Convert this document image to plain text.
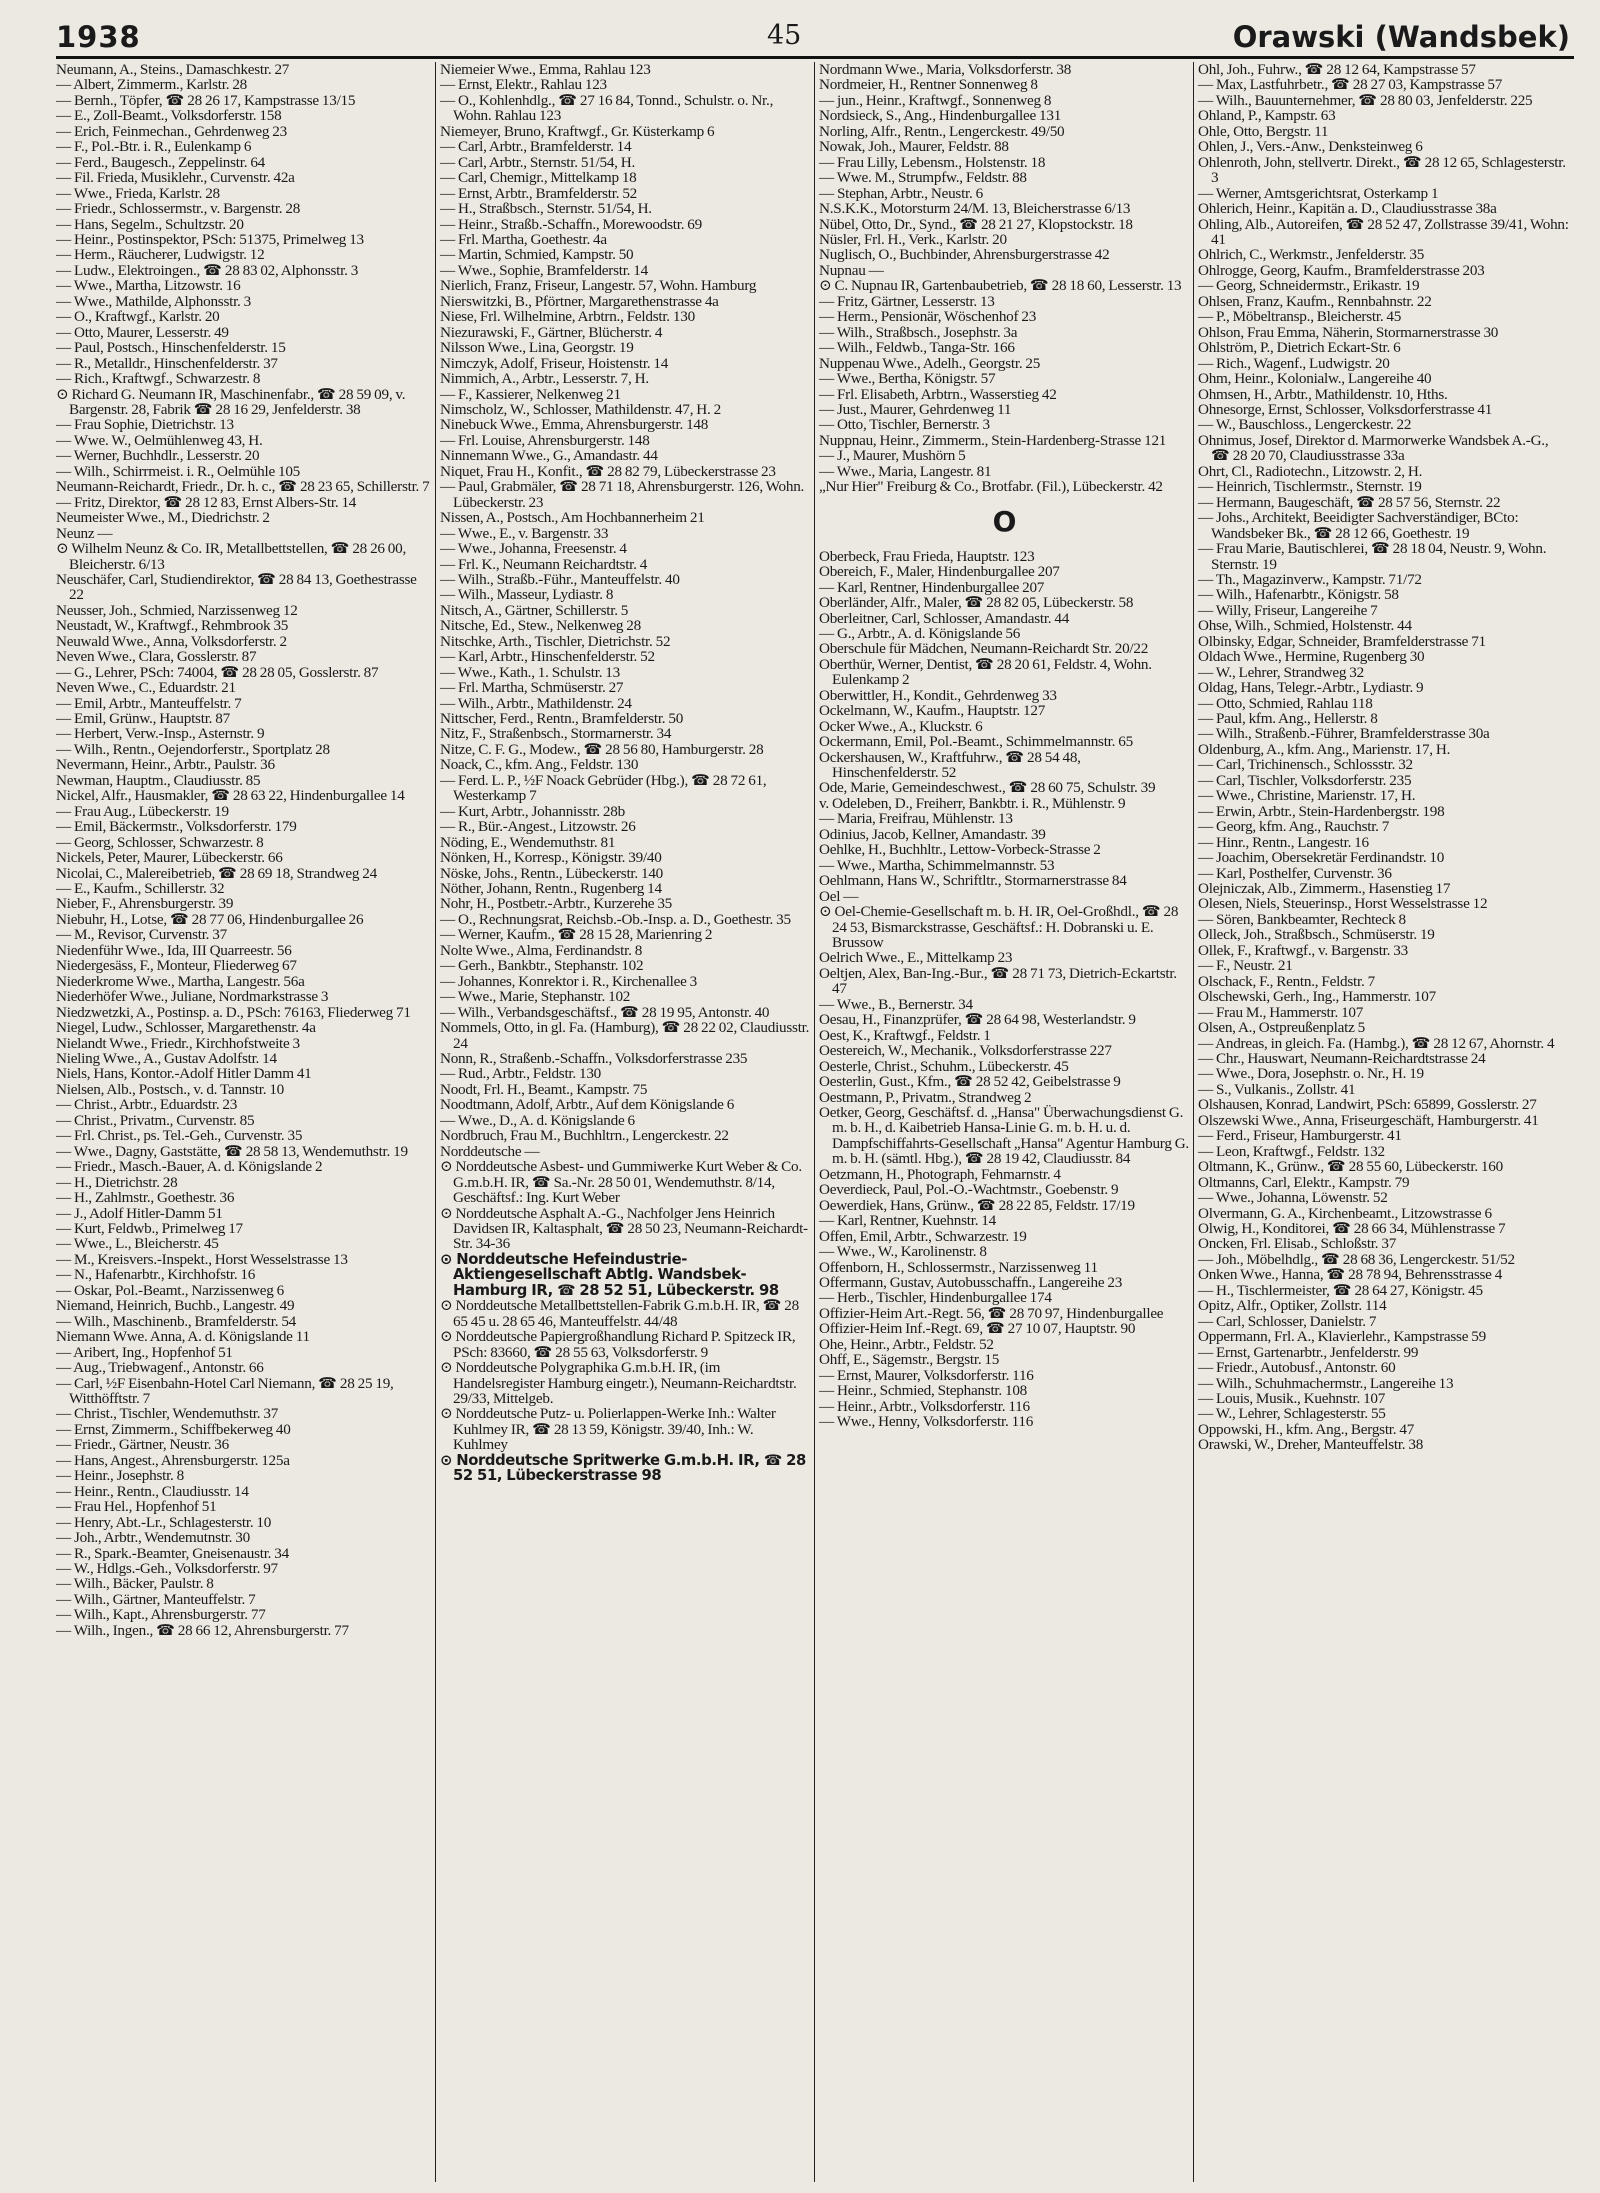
1938	45	Orawski (Wandsbek)
Neumann, A., Steins., Damaschkestr. 27
— Albert, Zimmerm., Karlstr. 28
— Bernh., Töpfer, ☎ 28 26 17, Kampstrasse 13/15
— E., Zoll-Beamt., Volksdorferstr. 158
— Erich, Feinmechan., Gehrdenweg 23
— F., Pol.-Btr. i. R., Eulenkamp 6
— Ferd., Baugesch., Zeppelinstr. 64
— Fil. Frieda, Musiklehr., Curvenstr. 42a
— Wwe., Frieda, Karlstr. 28
— Friedr., Schlossermstr., v. Bargenstr. 28
— Hans, Segelm., Schultzstr. 20
— Heinr., Postinspektor, PSch: 51375, Primelweg 13
— Herm., Räucherer, Ludwigstr. 12
— Ludw., Elektroingen., ☎ 28 83 02, Alphonsstr. 3
— Wwe., Martha, Litzowstr. 16
— Wwe., Mathilde, Alphonsstr. 3
— O., Kraftwgf., Karlstr. 20
— Otto, Maurer, Lesserstr. 49
— Paul, Postsch., Hinschenfelderstr. 15
— R., Metalldr., Hinschenfelderstr. 37
— Rich., Kraftwgf., Schwarzestr. 8
⊙ Richard G. Neumann IR, Maschinenfabr., ☎ 28 59 09, v. Bargenstr. 28, Fabrik ☎ 28 16 29, Jenfelderstr. 38
— Frau Sophie, Dietrichstr. 13
— Wwe. W., Oelmühlenweg 43, H.
— Werner, Buchhdlr., Lesserstr. 20
— Wilh., Schirrmeist. i. R., Oelmühle 105
Neumann-Reichardt, Friedr., Dr. h. c., ☎ 28 23 65, Schillerstr. 7
— Fritz, Direktor, ☎ 28 12 83, Ernst Albers-Str. 14
Neumeister Wwe., M., Diedrichstr. 2
Neunz —
⊙ Wilhelm Neunz & Co. IR, Metallbettstellen, ☎ 28 26 00, Bleicherstr. 6/13
Neuschäfer, Carl, Studiendirektor, ☎ 28 84 13, Goethestrasse 22
Neusser, Joh., Schmied, Narzissenweg 12
Neustadt, W., Kraftwgf., Rehmbrook 35
Neuwald Wwe., Anna, Volksdorferstr. 2
Neven Wwe., Clara, Gosslerstr. 87
— G., Lehrer, PSch: 74004, ☎ 28 28 05, Gosslerstr. 87
Neven Wwe., C., Eduardstr. 21
— Emil, Arbtr., Manteuffelstr. 7
— Emil, Grünw., Hauptstr. 87
— Herbert, Verw.-Insp., Asternstr. 9
— Wilh., Rentn., Oejendorferstr., Sportplatz 28
Nevermann, Heinr., Arbtr., Paulstr. 36
Newman, Hauptm., Claudiusstr. 85
Nickel, Alfr., Hausmakler, ☎ 28 63 22, Hindenburgallee 14
— Frau Aug., Lübeckerstr. 19
— Emil, Bäckermstr., Volksdorferstr. 179
— Georg, Schlosser, Schwarzestr. 8
Nickels, Peter, Maurer, Lübeckerstr. 66
Nicolai, C., Malereibetrieb, ☎ 28 69 18, Strandweg 24
— E., Kaufm., Schillerstr. 32
Nieber, F., Ahrensburgerstr. 39
Niebuhr, H., Lotse, ☎ 28 77 06, Hindenburgallee 26
— M., Revisor, Curvenstr. 37
Niedenführ Wwe., Ida, III Quarreestr. 56
Niedergesäss, F., Monteur, Fliederweg 67
Niederkrome Wwe., Martha, Langestr. 56a
Niederhöfer Wwe., Juliane, Nordmarkstrasse 3
Niedzwetzki, A., Postinsp. a. D., PSch: 76163, Fliederweg 71
Niegel, Ludw., Schlosser, Margarethenstr. 4a
Nielandt Wwe., Friedr., Kirchhofstweite 3
Nieling Wwe., A., Gustav Adolfstr. 14
Niels, Hans, Kontor.-Adolf Hitler Damm 41
Nielsen, Alb., Postsch., v. d. Tannstr. 10
— Christ., Arbtr., Eduardstr. 23
— Christ., Privatm., Curvenstr. 85
— Frl. Christ., ps. Tel.-Geh., Curvenstr. 35
— Wwe., Dagny, Gaststätte, ☎ 28 58 13, Wendemuthstr. 19
— Friedr., Masch.-Bauer, A. d. Königslande 2
— H., Dietrichstr. 28
— H., Zahlmstr., Goethestr. 36
— J., Adolf Hitler-Damm 51
— Kurt, Feldwb., Primelweg 17
— Wwe., L., Bleicherstr. 45
— M., Kreisvers.-Inspekt., Horst Wesselstrasse 13
— N., Hafenarbtr., Kirchhofstr. 16
— Oskar, Pol.-Beamt., Narzissenweg 6
Niemand, Heinrich, Buchb., Langestr. 49
— Wilh., Maschinenb., Bramfelderstr. 54
Niemann Wwe. Anna, A. d. Königslande 11
— Aribert, Ing., Hopfenhof 51
— Aug., Triebwagenf., Antonstr. 66
— Carl, ½F Eisenbahn-Hotel Carl Niemann, ☎ 28 25 19, Witthöfftstr. 7
— Christ., Tischler, Wendemuthstr. 37
— Ernst, Zimmerm., Schiffbekerweg 40
— Friedr., Gärtner, Neustr. 36
— Hans, Angest., Ahrensburgerstr. 125a
— Heinr., Josephstr. 8
— Heinr., Rentn., Claudiusstr. 14
— Frau Hel., Hopfenhof 51
— Henry, Abt.-Lr., Schlagesterstr. 10
— Joh., Arbtr., Wendemutnstr. 30
— R., Spark.-Beamter, Gneisenaustr. 34
— W., Hdlgs.-Geh., Volksdorferstr. 97
— Wilh., Bäcker, Paulstr. 8
— Wilh., Gärtner, Manteuffelstr. 7
— Wilh., Kapt., Ahrensburgerstr. 77
— Wilh., Ingen., ☎ 28 66 12, Ahrensburgerstr. 77
Niemeier Wwe., Emma, Rahlau 123
— Ernst, Elektr., Rahlau 123
— O., Kohlenhdlg., ☎ 27 16 84, Tonnd., Schulstr. o. Nr., Wohn. Rahlau 123
Niemeyer, Bruno, Kraftwgf., Gr. Küsterkamp 6
— Carl, Arbtr., Bramfelderstr. 14
— Carl, Arbtr., Sternstr. 51/54, H.
— Carl, Chemigr., Mittelkamp 18
— Ernst, Arbtr., Bramfelderstr. 52
— H., Straßbsch., Sternstr. 51/54, H.
— Heinr., Straßb.-Schaffn., Morewoodstr. 69
— Frl. Martha, Goethestr. 4a
— Martin, Schmied, Kampstr. 50
— Wwe., Sophie, Bramfelderstr. 14
Nierlich, Franz, Friseur, Langestr. 57, Wohn. Hamburg
Nierswitzki, B., Pförtner, Margarethenstrasse 4a
Niese, Frl. Wilhelmine, Arbtrn., Feldstr. 130
Niezurawski, F., Gärtner, Blücherstr. 4
Nilsson Wwe., Lina, Georgstr. 19
Nimczyk, Adolf, Friseur, Hoistenstr. 14
Nimmich, A., Arbtr., Lesserstr. 7, H.
— F., Kassierer, Nelkenweg 21
Nimscholz, W., Schlosser, Mathildenstr. 47, H. 2
Ninebuck Wwe., Emma, Ahrensburgerstr. 148
— Frl. Louise, Ahrensburgerstr. 148
Ninnemann Wwe., G., Amandastr. 44
Niquet, Frau H., Konfit., ☎ 28 82 79, Lübeckerstrasse 23
— Paul, Grabmäler, ☎ 28 71 18, Ahrensburgerstr. 126, Wohn. Lübeckerstr. 23
Nissen, A., Postsch., Am Hochbannerheim 21
— Wwe., E., v. Bargenstr. 33
— Wwe., Johanna, Freesenstr. 4
— Frl. K., Neumann Reichardtstr. 4
— Wilh., Straßb.-Führ., Manteuffelstr. 40
— Wilh., Masseur, Lydiastr. 8
Nitsch, A., Gärtner, Schillerstr. 5
Nitsche, Ed., Stew., Nelkenweg 28
Nitschke, Arth., Tischler, Dietrichstr. 52
— Karl, Arbtr., Hinschenfelderstr. 52
— Wwe., Kath., 1. Schulstr. 13
— Frl. Martha, Schmüserstr. 27
— Wilh., Arbtr., Mathildenstr. 24
Nittscher, Ferd., Rentn., Bramfelderstr. 50
Nitz, F., Straßenbsch., Stormarnerstr. 34
Nitze, C. F. G., Modew., ☎ 28 56 80, Hamburgerstr. 28
Noack, C., kfm. Ang., Feldstr. 130
— Ferd. L. P., ½F Noack Gebrüder (Hbg.), ☎ 28 72 61, Westerkamp 7
— Kurt, Arbtr., Johannisstr. 28b
— R., Bür.-Angest., Litzowstr. 26
Nöding, E., Wendemuthstr. 81
Nönken, H., Korresp., Königstr. 39/40
Nöske, Johs., Rentn., Lübeckerstr. 140
Nöther, Johann, Rentn., Rugenberg 14
Nohr, H., Postbetr.-Arbtr., Kurzerehe 35
— O., Rechnungsrat, Reichsb.-Ob.-Insp. a. D., Goethestr. 35
— Werner, Kaufm., ☎ 28 15 28, Marienring 2
Nolte Wwe., Alma, Ferdinandstr. 8
— Gerh., Bankbtr., Stephanstr. 102
— Johannes, Konrektor i. R., Kirchenallee 3
— Wwe., Marie, Stephanstr. 102
— Wilh., Verbandsgeschäftsf., ☎ 28 19 95, Antonstr. 40
Nommels, Otto, in gl. Fa. (Hamburg), ☎ 28 22 02, Claudiusstr. 24
Nonn, R., Straßenb.-Schaffn., Volksdorferstrasse 235
— Rud., Arbtr., Feldstr. 130
Noodt, Frl. H., Beamt., Kampstr. 75
Noodtmann, Adolf, Arbtr., Auf dem Königslande 6
— Wwe., D., A. d. Königslande 6
Nordbruch, Frau M., Buchhltrn., Lengerckestr. 22
Norddeutsche —
⊙ Norddeutsche Asbest- und Gummiwerke Kurt Weber & Co. G.m.b.H. IR, ☎ Sa.-Nr. 28 50 01, Wendemuthstr. 8/14, Geschäftsf.: Ing. Kurt Weber
⊙ Norddeutsche Asphalt A.-G., Nachfolger Jens Heinrich Davidsen IR, Kaltasphalt, ☎ 28 50 23, Neumann-Reichardt-Str. 34-36
⊙ Norddeutsche Hefeindustrie-Aktiengesellschaft Abtlg. Wandsbek-Hamburg IR, ☎ 28 52 51, Lübeckerstr. 98
⊙ Norddeutsche Metallbettstellen-Fabrik G.m.b.H. IR, ☎ 28 65 45 u. 28 65 46, Manteuffelstr. 44/48
⊙ Norddeutsche Papiergroßhandlung Richard P. Spitzeck IR, PSch: 83660, ☎ 28 55 63, Volksdorferstr. 9
⊙ Norddeutsche Polygraphika G.m.b.H. IR, (im Handelsregister Hamburg eingetr.), Neumann-Reichardtstr. 29/33, Mittelgeb.
⊙ Norddeutsche Putz- u. Polierlappen-Werke Inh.: Walter Kuhlmey IR, ☎ 28 13 59, Königstr. 39/40, Inh.: W. Kuhlmey
⊙ Norddeutsche Spritwerke G.m.b.H. IR, ☎ 28 52 51, Lübeckerstrasse 98
Nordmann Wwe., Maria, Volksdorferstr. 38
Nordmeier, H., Rentner Sonnenweg 8
— jun., Heinr., Kraftwgf., Sonnenweg 8
Nordsieck, S., Ang., Hindenburgallee 131
Norling, Alfr., Rentn., Lengerckestr. 49/50
Nowak, Joh., Maurer, Feldstr. 88
— Frau Lilly, Lebensm., Holstenstr. 18
— Wwe. M., Strumpfw., Feldstr. 88
— Stephan, Arbtr., Neustr. 6
N.S.K.K., Motorsturm 24/M. 13, Bleicherstrasse 6/13
Nübel, Otto, Dr., Synd., ☎ 28 21 27, Klopstockstr. 18
Nüsler, Frl. H., Verk., Karlstr. 20
Nuglisch, O., Buchbinder, Ahrensburgerstrasse 42
Nupnau —
⊙ C. Nupnau IR, Gartenbaubetrieb, ☎ 28 18 60, Lesserstr. 13
— Fritz, Gärtner, Lesserstr. 13
— Herm., Pensionär, Wöschenhof 23
— Wilh., Straßbsch., Josephstr. 3a
— Wilh., Feldwb., Tanga-Str. 166
Nuppenau Wwe., Adelh., Georgstr. 25
— Wwe., Bertha, Königstr. 57
— Frl. Elisabeth, Arbtrn., Wasserstieg 42
— Just., Maurer, Gehrdenweg 11
— Otto, Tischler, Bernerstr. 3
Nuppnau, Heinr., Zimmerm., Stein-Hardenberg-Strasse 121
— J., Maurer, Mushörn 5
— Wwe., Maria, Langestr. 81
„Nur Hier" Freiburg & Co., Brotfabr. (Fil.), Lübeckerstr. 42
O
Oberbeck, Frau Frieda, Hauptstr. 123
Obereich, F., Maler, Hindenburgallee 207
— Karl, Rentner, Hindenburgallee 207
Oberländer, Alfr., Maler, ☎ 28 82 05, Lübeckerstr. 58
Oberleitner, Carl, Schlosser, Amandastr. 44
— G., Arbtr., A. d. Königslande 56
Oberschule für Mädchen, Neumann-Reichardt Str. 20/22
Oberthür, Werner, Dentist, ☎ 28 20 61, Feldstr. 4, Wohn. Eulenkamp 2
Oberwittler, H., Kondit., Gehrdenweg 33
Ockelmann, W., Kaufm., Hauptstr. 127
Ocker Wwe., A., Kluckstr. 6
Ockermann, Emil, Pol.-Beamt., Schimmelmannstr. 65
Ockershausen, W., Kraftfuhrw., ☎ 28 54 48, Hinschenfelderstr. 52
Ode, Marie, Gemeindeschwest., ☎ 28 60 75, Schulstr. 39
v. Odeleben, D., Freiherr, Bankbtr. i. R., Mühlenstr. 9
— Maria, Freifrau, Mühlenstr. 13
Odinius, Jacob, Kellner, Amandastr. 39
Oehlke, H., Buchhltr., Lettow-Vorbeck-Strasse 2
— Wwe., Martha, Schimmelmannstr. 53
Oehlmann, Hans W., Schriftltr., Stormarnerstrasse 84
Oel —
⊙ Oel-Chemie-Gesellschaft m. b. H. IR, Oel-Großhdl., ☎ 28 24 53, Bismarckstrasse, Geschäftsf.: H. Dobranski u. E. Brussow
Oelrich Wwe., E., Mittelkamp 23
Oeltjen, Alex, Ban-Ing.-Bur., ☎ 28 71 73, Dietrich-Eckartstr. 47
— Wwe., B., Bernerstr. 34
Oesau, H., Finanzprüfer, ☎ 28 64 98, Westerlandstr. 9
Oest, K., Kraftwgf., Feldstr. 1
Oestereich, W., Mechanik., Volksdorferstrasse 227
Oesterle, Christ., Schuhm., Lübeckerstr. 45
Oesterlin, Gust., Kfm., ☎ 28 52 42, Geibelstrasse 9
Oestmann, P., Privatm., Strandweg 2
Oetker, Georg, Geschäftsf. d. „Hansa" Überwachungsdienst G. m. b. H., d. Kaibetrieb Hansa-Linie G. m. b. H. u. d. Dampfschiffahrts-Gesellschaft „Hansa" Agentur Hamburg G. m. b. H. (sämtl. Hbg.), ☎ 28 19 42, Claudiusstr. 84
Oetzmann, H., Photograph, Fehmarnstr. 4
Oeverdieck, Paul, Pol.-O.-Wachtmstr., Goebenstr. 9
Oewerdiek, Hans, Grünw., ☎ 28 22 85, Feldstr. 17/19
— Karl, Rentner, Kuehnstr. 14
Offen, Emil, Arbtr., Schwarzestr. 19
— Wwe., W., Karolinenstr. 8
Offenborn, H., Schlossermstr., Narzissenweg 11
Offermann, Gustav, Autobusschaffn., Langereihe 23
— Herb., Tischler, Hindenburgallee 174
Offizier-Heim Art.-Regt. 56, ☎ 28 70 97, Hindenburgallee
Offizier-Heim Inf.-Regt. 69, ☎ 27 10 07, Hauptstr. 90
Ohe, Heinr., Arbtr., Feldstr. 52
Ohff, E., Sägemstr., Bergstr. 15
— Ernst, Maurer, Volksdorferstr. 116
— Heinr., Schmied, Stephanstr. 108
— Heinr., Arbtr., Volksdorferstr. 116
— Wwe., Henny, Volksdorferstr. 116
Ohl, Joh., Fuhrw., ☎ 28 12 64, Kampstrasse 57
— Max, Lastfuhrbetr., ☎ 28 27 03, Kampstrasse 57
— Wilh., Bauunternehmer, ☎ 28 80 03, Jenfelderstr. 225
Ohland, P., Kampstr. 63
Ohle, Otto, Bergstr. 11
Ohlen, J., Vers.-Anw., Denksteinweg 6
Ohlenroth, John, stellvertr. Direkt., ☎ 28 12 65, Schlagesterstr. 3
— Werner, Amtsgerichtsrat, Osterkamp 1
Ohlerich, Heinr., Kapitän a. D., Claudiusstrasse 38a
Ohling, Alb., Autoreifen, ☎ 28 52 47, Zollstrasse 39/41, Wohn: 41
Ohlrich, C., Werkmstr., Jenfelderstr. 35
Ohlrogge, Georg, Kaufm., Bramfelderstrasse 203
— Georg, Schneidermstr., Erikastr. 19
Ohlsen, Franz, Kaufm., Rennbahnstr. 22
— P., Möbeltransp., Bleicherstr. 45
Ohlson, Frau Emma, Näherin, Stormarnerstrasse 30
Ohlström, P., Dietrich Eckart-Str. 6
— Rich., Wagenf., Ludwigstr. 20
Ohm, Heinr., Kolonialw., Langereihe 40
Ohmsen, H., Arbtr., Mathildenstr. 10, Hths.
Ohnesorge, Ernst, Schlosser, Volksdorferstrasse 41
— W., Bauschloss., Lengerckestr. 22
Ohnimus, Josef, Direktor d. Marmorwerke Wandsbek A.-G., ☎ 28 20 70, Claudiusstrasse 33a
Ohrt, Cl., Radiotechn., Litzowstr. 2, H.
— Heinrich, Tischlermstr., Sternstr. 19
— Hermann, Baugeschäft, ☎ 28 57 56, Sternstr. 22
— Johs., Architekt, Beeidigter Sachverständiger, BCto: Wandsbeker Bk., ☎ 28 12 66, Goethestr. 19
— Frau Marie, Bautischlerei, ☎ 28 18 04, Neustr. 9, Wohn. Sternstr. 19
— Th., Magazinverw., Kampstr. 71/72
— Wilh., Hafenarbtr., Königstr. 58
— Willy, Friseur, Langereihe 7
Ohse, Wilh., Schmied, Holstenstr. 44
Olbinsky, Edgar, Schneider, Bramfelderstrasse 71
Oldach Wwe., Hermine, Rugenberg 30
— W., Lehrer, Strandweg 32
Oldag, Hans, Telegr.-Arbtr., Lydiastr. 9
— Otto, Schmied, Rahlau 118
— Paul, kfm. Ang., Hellerstr. 8
— Wilh., Straßenb.-Führer, Bramfelderstrasse 30a
Oldenburg, A., kfm. Ang., Marienstr. 17, H.
— Carl, Trichinensch., Schlossstr. 32
— Carl, Tischler, Volksdorferstr. 235
— Wwe., Christine, Marienstr. 17, H.
— Erwin, Arbtr., Stein-Hardenbergstr. 198
— Georg, kfm. Ang., Rauchstr. 7
— Hinr., Rentn., Langestr. 16
— Joachim, Obersekretär Ferdinandstr. 10
— Karl, Posthelfer, Curvenstr. 36
Olejniczak, Alb., Zimmerm., Hasenstieg 17
Olesen, Niels, Steuerinsp., Horst Wesselstrasse 12
— Sören, Bankbeamter, Rechteck 8
Olleck, Joh., Straßbsch., Schmüserstr. 19
Ollek, F., Kraftwgf., v. Bargenstr. 33
— F., Neustr. 21
Olschack, F., Rentn., Feldstr. 7
Olschewski, Gerh., Ing., Hammerstr. 107
— Frau M., Hammerstr. 107
Olsen, A., Ostpreußenplatz 5
— Andreas, in gleich. Fa. (Hambg.), ☎ 28 12 67, Ahornstr. 4
— Chr., Hauswart, Neumann-Reichardtstrasse 24
— Wwe., Dora, Josephstr. o. Nr., H. 19
— S., Vulkanis., Zollstr. 41
Olshausen, Konrad, Landwirt, PSch: 65899, Gosslerstr. 27
Olszewski Wwe., Anna, Friseurgeschäft, Hamburgerstr. 41
— Ferd., Friseur, Hamburgerstr. 41
— Leon, Kraftwgf., Feldstr. 132
Oltmann, K., Grünw., ☎ 28 55 60, Lübeckerstr. 160
Oltmanns, Carl, Elektr., Kampstr. 79
— Wwe., Johanna, Löwenstr. 52
Olvermann, G. A., Kirchenbeamt., Litzowstrasse 6
Olwig, H., Konditorei, ☎ 28 66 34, Mühlenstrasse 7
Oncken, Frl. Elisab., Schloßstr. 37
— Joh., Möbelhdlg., ☎ 28 68 36, Lengerckestr. 51/52
Onken Wwe., Hanna, ☎ 28 78 94, Behrensstrasse 4
— H., Tischlermeister, ☎ 28 64 27, Königstr. 45
Opitz, Alfr., Optiker, Zollstr. 114
— Carl, Schlosser, Danielstr. 7
Oppermann, Frl. A., Klavierlehr., Kampstrasse 59
— Ernst, Gartenarbtr., Jenfelderstr. 99
— Friedr., Autobusf., Antonstr. 60
— Wilh., Schuhmachermstr., Langereihe 13
— Louis, Musik., Kuehnstr. 107
— W., Lehrer, Schlagesterstr. 55
Oppowski, H., kfm. Ang., Bergstr. 47
Orawski, W., Dreher, Manteuffelstr. 38
